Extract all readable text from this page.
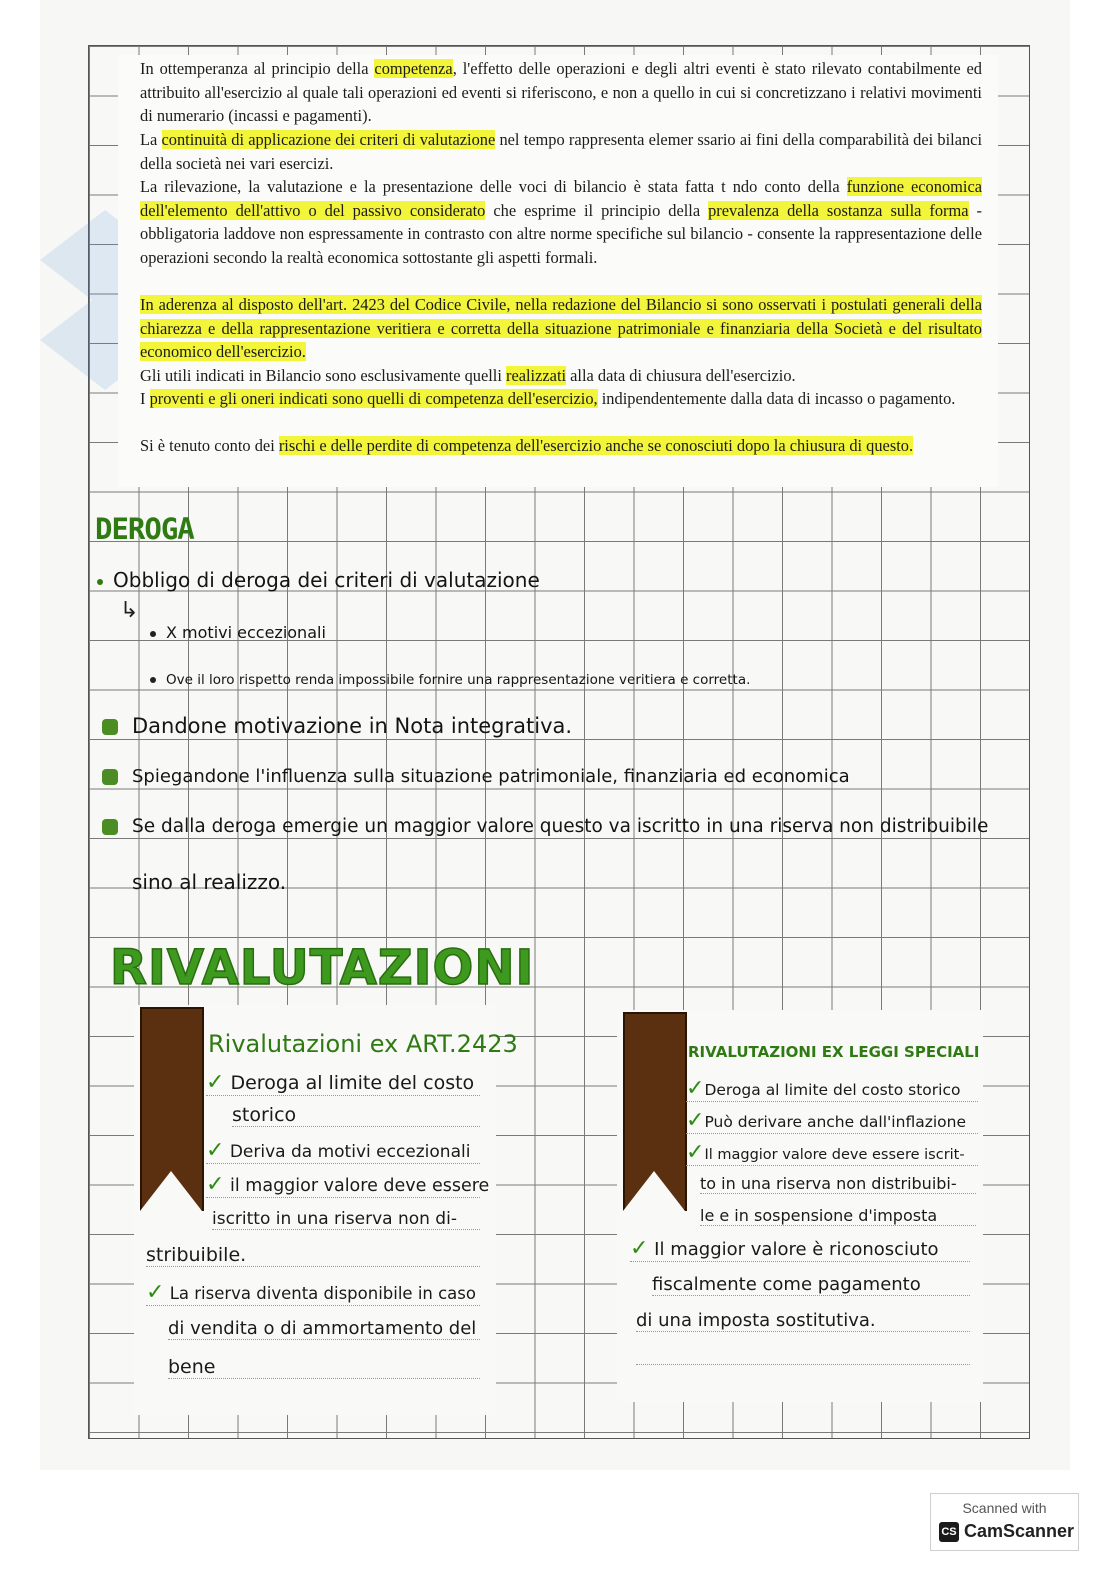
In ottemperanza al principio della competenza, l'effetto delle operazioni e degli altri eventi è stato rilevato contabilmente ed attribuito all'esercizio al quale tali operazioni ed eventi si riferiscono, e non a quello in cui si concretizzano i relativi movimenti di numerario (incassi e pagamenti).

La continuità di applicazione dei criteri di valutazione nel tempo rappresenta elemer ssario ai fini della comparabilità dei bilanci della società nei vari esercizi.

La rilevazione, la valutazione e la presentazione delle voci di bilancio è stata fatta t ndo conto della funzione economica dell'elemento dell'attivo o del passivo considerato che esprime il principio della prevalenza della sostanza sulla forma - obbligatoria laddove non espressamente in contrasto con altre norme specifiche sul bilancio - consente la rappresentazione delle operazioni secondo la realtà economica sottostante gli aspetti formali.

In aderenza al disposto dell'art. 2423 del Codice Civile, nella redazione del Bilancio si sono osservati i postulati generali della chiarezza e della rappresentazione veritiera e corretta della situazione patrimoniale e finanziaria della Società e del risultato economico dell'esercizio.

Gli utili indicati in Bilancio sono esclusivamente quelli realizzati alla data di chiusura dell'esercizio.

I proventi e gli oneri indicati sono quelli di competenza dell'esercizio, indipendentemente dalla data di incasso o pagamento.

Si è tenuto conto dei rischi e delle perdite di competenza dell'esercizio anche se conosciuti dopo la chiusura di questo.

DEROGA
Obbligo di deroga dei criteri di valutazione
↳
X motivi eccezionali
Ove il loro rispetto renda impossibile fornire una rappresentazione veritiera e corretta.
Dandone motivazione in Nota integrativa.
Spiegandone l'influenza sulla situazione patrimoniale, finanziaria ed economica
Se dalla deroga emergie un maggior valore questo va iscritto in una riserva non distribuibile
sino al realizzo.
RIVALUTAZIONI
Rivalutazioni ex ART.2423
✓ Deroga al limite del costo
storico
✓ Deriva da motivi eccezionali
✓ il maggior valore deve essere
iscritto in una riserva non di-
stribuibile.
✓ La riserva diventa disponibile in caso
di vendita o di ammortamento del
bene
RIVALUTAZIONI EX LEGGI SPECIALI
✓Deroga al limite del costo storico
✓Può derivare anche dall'inflazione
✓Il maggior valore deve essere iscrit-
to in una riserva non distribuibi-
le e in sospensione d'imposta
✓ Il maggior valore è riconosciuto
fiscalmente come pagamento
di una imposta sostitutiva.
Scanned with
CS CamScanner
